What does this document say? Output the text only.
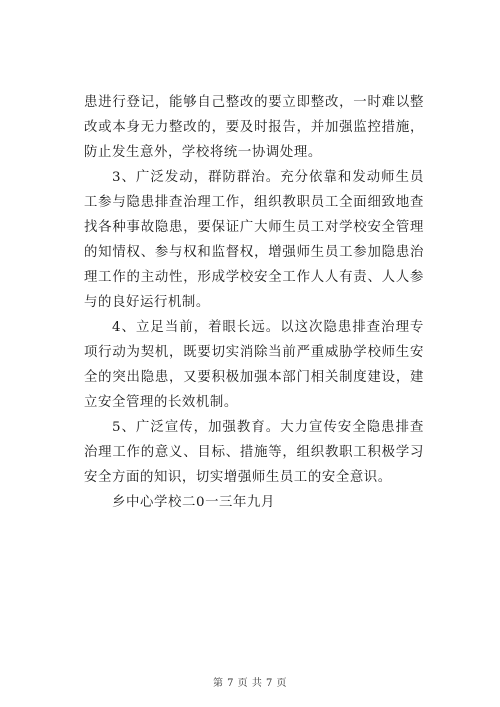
患进行登记，能够自己整改的要立即整改，一时难以整改或本身无力整改的，要及时报告，并加强监控措施，防止发生意外，学校将统一协调处理。

3、广泛发动，群防群治。充分依靠和发动师生员工参与隐患排查治理工作，组织教职员工全面细致地查找各种事故隐患，要保证广大师生员工对学校安全管理的知情权、参与权和监督权，增强师生员工参加隐患治理工作的主动性，形成学校安全工作人人有责、人人参与的良好运行机制。

4、立足当前，着眼长远。以这次隐患排查治理专项行动为契机，既要切实消除当前严重威胁学校师生安全的突出隐患，又要积极加强本部门相关制度建设，建立安全管理的长效机制。

5、广泛宣传，加强教育。大力宣传安全隐患排查治理工作的意义、目标、措施等，组织教职工积极学习安全方面的知识，切实增强师生员工的安全意识。

乡中心学校二0一三年九月

第 7 页 共 7 页
